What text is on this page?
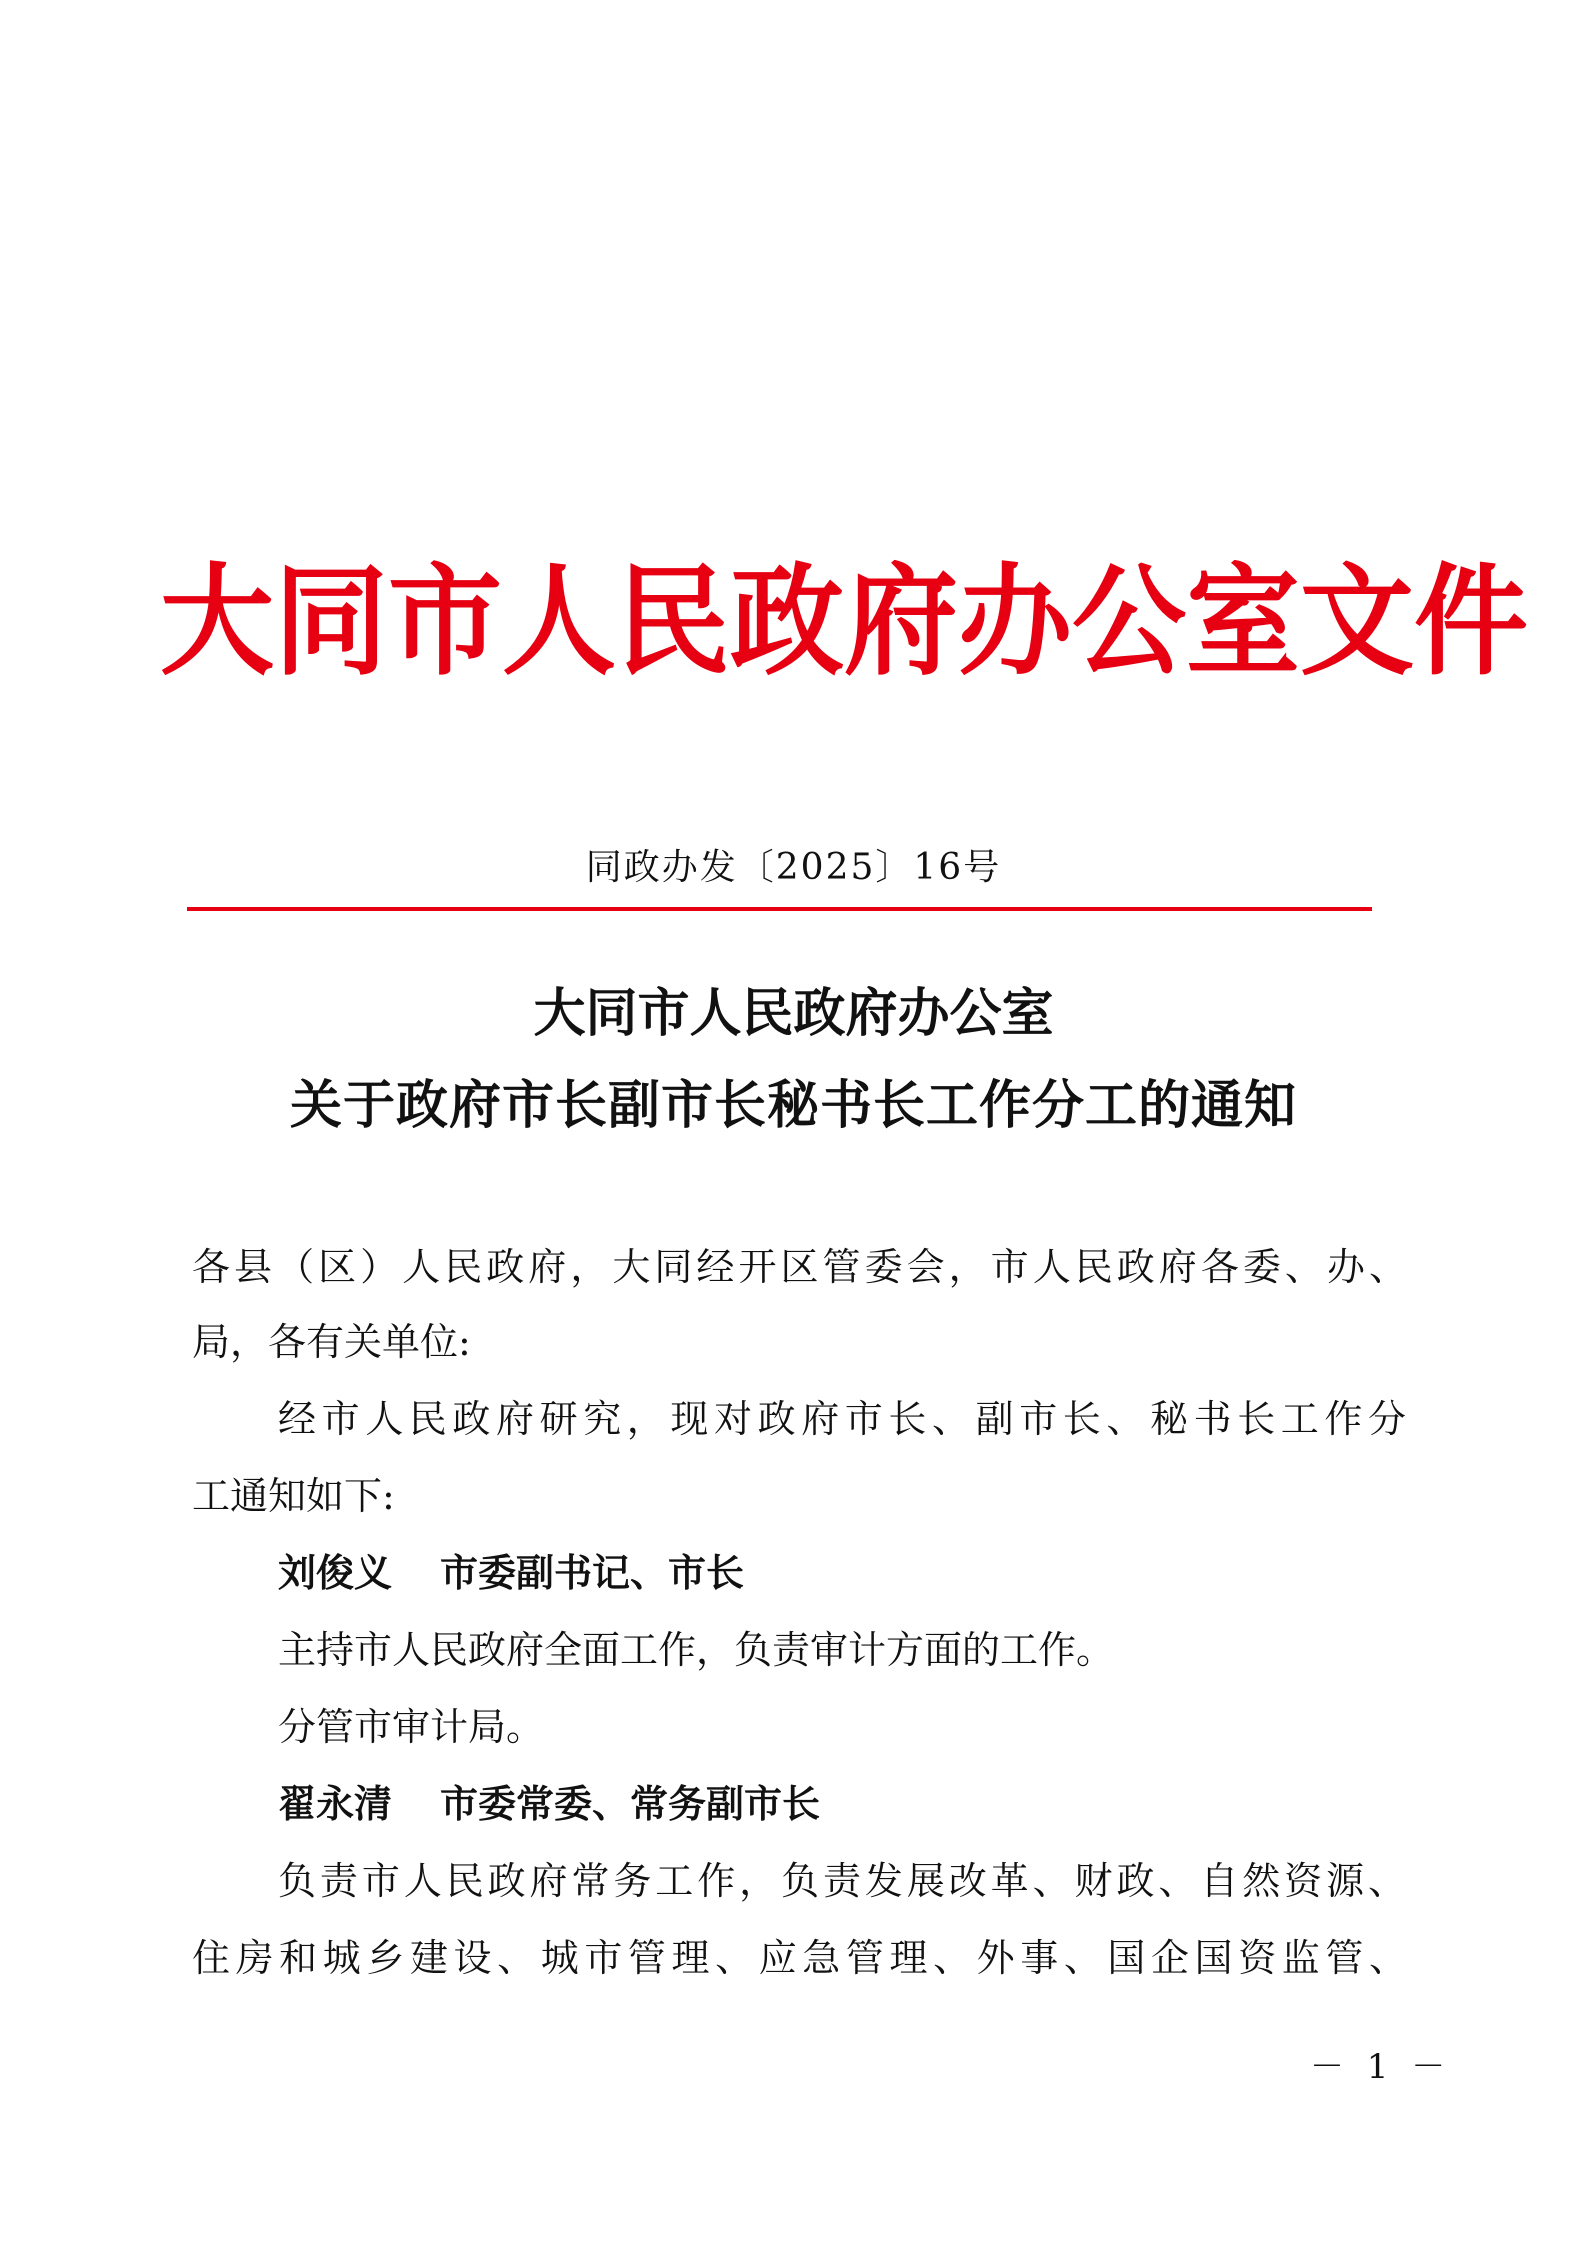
大同市人民政府办公室文件
同政办发〔2025〕16号
大同市人民政府办公室
关于政府市长副市长秘书长工作分工的通知
各县（区）人民政府，大同经开区管委会，市人民政府各委、办、
局，各有关单位:
经市人民政府研究，现对政府市长、副市长、秘书长工作分
工通知如下:
刘俊义 市委副书记、市长
主持市人民政府全面工作，负责审计方面的工作。
分管市审计局。
翟永清 市委常委、常务副市长
负责市人民政府常务工作，负责发展改革、财政、自然资源、
住房和城乡建设、城市管理、应急管理、外事、国企国资监管、
－ 1 －
